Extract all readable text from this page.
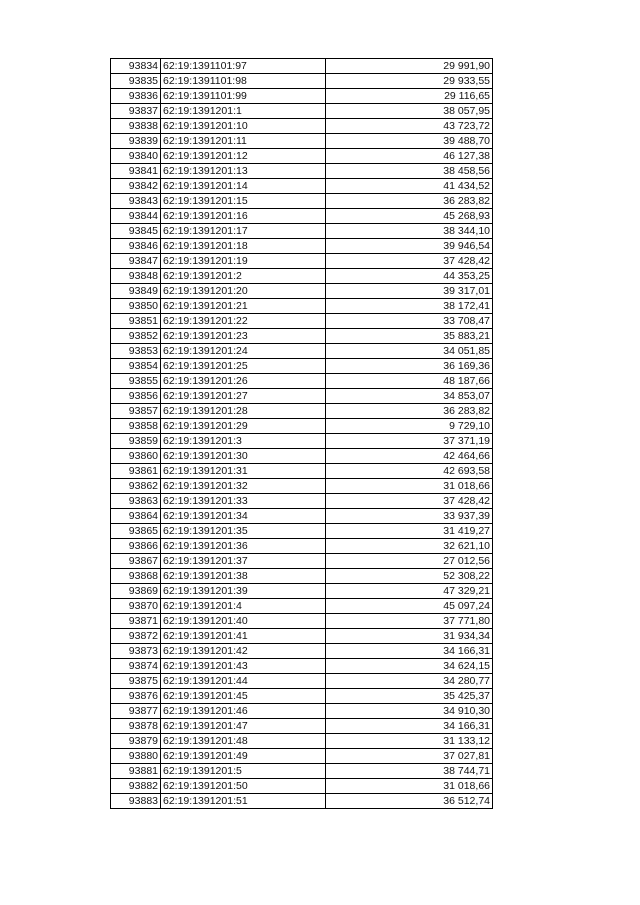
93834	62:19:1391101:97	29 991,90
93835	62:19:1391101:98	29 933,55
93836	62:19:1391101:99	29 116,65
93837	62:19:1391201:1	38 057,95
93838	62:19:1391201:10	43 723,72
93839	62:19:1391201:11	39 488,70
93840	62:19:1391201:12	46 127,38
93841	62:19:1391201:13	38 458,56
93842	62:19:1391201:14	41 434,52
93843	62:19:1391201:15	36 283,82
93844	62:19:1391201:16	45 268,93
93845	62:19:1391201:17	38 344,10
93846	62:19:1391201:18	39 946,54
93847	62:19:1391201:19	37 428,42
93848	62:19:1391201:2	44 353,25
93849	62:19:1391201:20	39 317,01
93850	62:19:1391201:21	38 172,41
93851	62:19:1391201:22	33 708,47
93852	62:19:1391201:23	35 883,21
93853	62:19:1391201:24	34 051,85
93854	62:19:1391201:25	36 169,36
93855	62:19:1391201:26	48 187,66
93856	62:19:1391201:27	34 853,07
93857	62:19:1391201:28	36 283,82
93858	62:19:1391201:29	9 729,10
93859	62:19:1391201:3	37 371,19
93860	62:19:1391201:30	42 464,66
93861	62:19:1391201:31	42 693,58
93862	62:19:1391201:32	31 018,66
93863	62:19:1391201:33	37 428,42
93864	62:19:1391201:34	33 937,39
93865	62:19:1391201:35	31 419,27
93866	62:19:1391201:36	32 621,10
93867	62:19:1391201:37	27 012,56
93868	62:19:1391201:38	52 308,22
93869	62:19:1391201:39	47 329,21
93870	62:19:1391201:4	45 097,24
93871	62:19:1391201:40	37 771,80
93872	62:19:1391201:41	31 934,34
93873	62:19:1391201:42	34 166,31
93874	62:19:1391201:43	34 624,15
93875	62:19:1391201:44	34 280,77
93876	62:19:1391201:45	35 425,37
93877	62:19:1391201:46	34 910,30
93878	62:19:1391201:47	34 166,31
93879	62:19:1391201:48	31 133,12
93880	62:19:1391201:49	37 027,81
93881	62:19:1391201:5	38 744,71
93882	62:19:1391201:50	31 018,66
93883	62:19:1391201:51	36 512,74
